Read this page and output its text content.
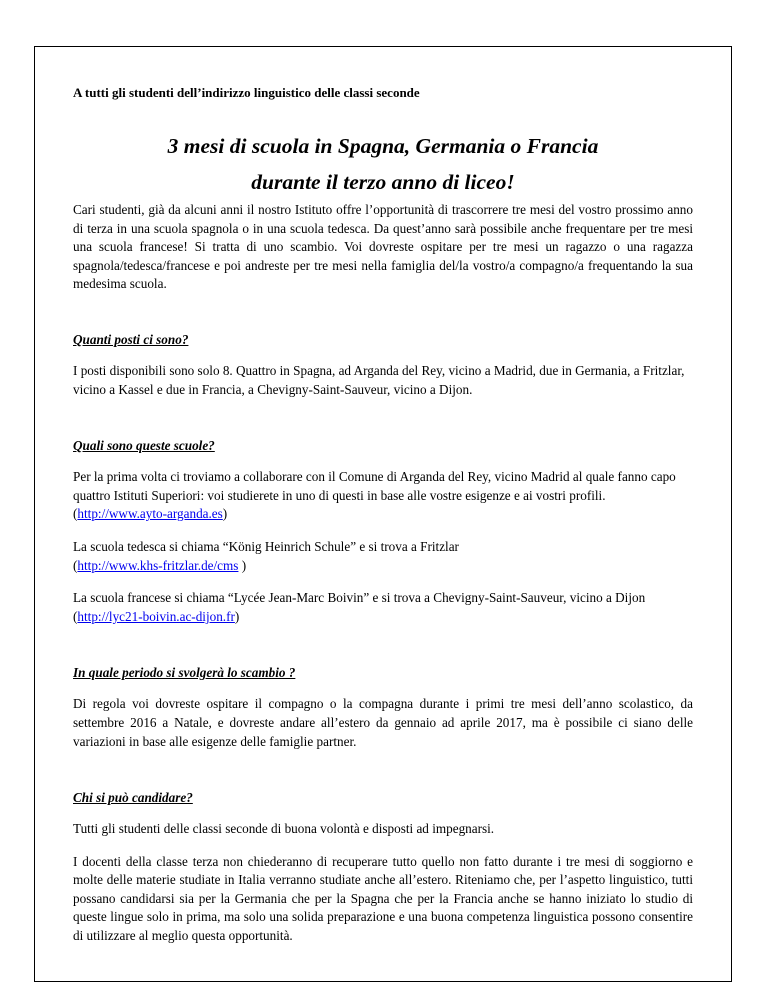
A tutti gli studenti dell’indirizzo linguistico delle classi seconde

3 mesi di scuola in Spagna, Germania o Francia
durante il terzo anno di liceo!

Cari studenti, già da alcuni anni il nostro Istituto offre l’opportunità di trascorrere tre mesi del vostro prossimo anno di terza in una scuola spagnola o in una scuola tedesca. Da quest’anno sarà possibile anche frequentare per tre mesi una scuola francese! Si tratta di uno scambio. Voi dovreste ospitare per tre mesi un ragazzo o una ragazza spagnola/tedesca/francese e poi andreste per tre mesi nella famiglia del/la vostro/a compagno/a frequentando la sua medesima scuola.

Quanti posti ci sono?

I posti disponibili sono solo 8. Quattro in Spagna, ad Arganda del Rey, vicino a Madrid, due in Germania, a Fritzlar, vicino a Kassel e due in Francia, a Chevigny-Saint-Sauveur, vicino a Dijon.

Quali sono queste scuole?

Per la prima volta ci troviamo a collaborare con il Comune di Arganda del Rey, vicino Madrid al quale fanno capo quattro Istituti Superiori: voi studierete in uno di questi in base alle vostre esigenze e ai vostri profili.
(http://www.ayto-arganda.es)

La scuola tedesca si chiama “König Heinrich Schule” e si trova a Fritzlar
(http://www.khs-fritzlar.de/cms )

La scuola francese si chiama “Lycée Jean-Marc Boivin” e si trova a Chevigny-Saint-Sauveur, vicino a Dijon
(http://lyc21-boivin.ac-dijon.fr)

In quale periodo si svolgerà lo scambio ?

Di regola voi dovreste ospitare il compagno o la compagna durante i primi tre mesi dell’anno scolastico, da settembre 2016 a Natale, e dovreste andare all’estero da gennaio ad aprile 2017, ma è possibile ci siano delle variazioni in base alle esigenze delle famiglie partner.

Chi si può candidare?

Tutti gli studenti delle classi seconde di buona volontà e disposti ad impegnarsi.

I docenti della classe terza non chiederanno di recuperare tutto quello non fatto durante i tre mesi di soggiorno e molte delle materie studiate in Italia verranno studiate anche all’estero. Riteniamo che, per l’aspetto linguistico, tutti possano candidarsi sia per la Germania che per la Spagna che per la Francia anche se hanno iniziato lo studio di queste lingue solo in prima, ma solo una solida preparazione e una buona competenza linguistica possono consentire di utilizzare al meglio questa opportunità.
